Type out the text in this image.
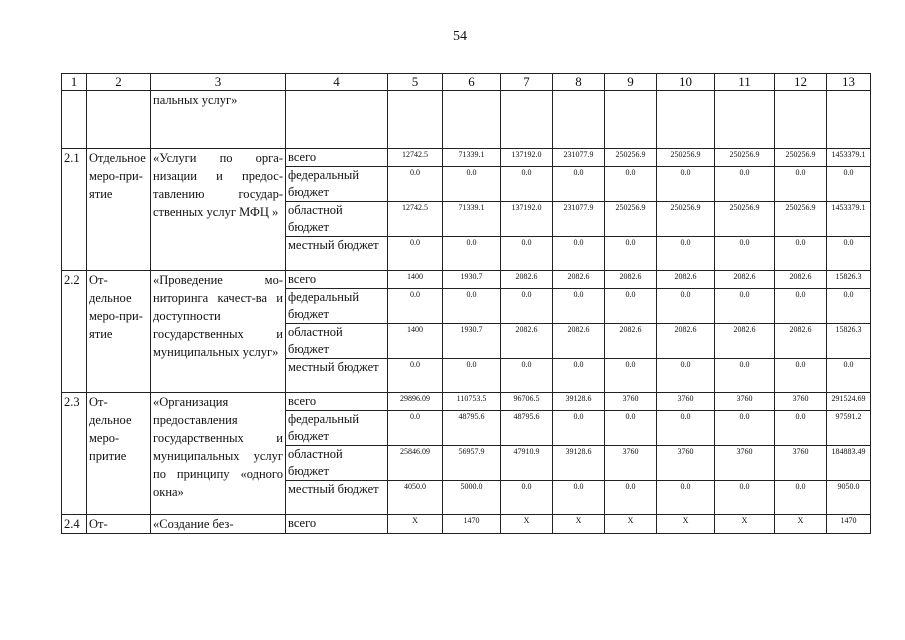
54
1	2	3	4	5	6	7	8	9	10	11	12	13
		пальных услуг»										
2.1	Отдельное меро-при-ятие	«Услуги по орга-низации и предос-тавлению государ-ственных услуг МФЦ »	всего	12742.5	71339.1	137192.0	231077.9	250256.9	250256.9	250256.9	250256.9	1453379.1
			федеральный бюджет	0.0	0.0	0.0	0.0	0.0	0.0	0.0	0.0	0.0
			областной бюджет	12742.5	71339.1	137192.0	231077.9	250256.9	250256.9	250256.9	250256.9	1453379.1
			местный бюджет	0.0	0.0	0.0	0.0	0.0	0.0	0.0	0.0	0.0
2.2	От-дельное меро-при-ятие	«Проведение мо-ниторинга качест-ва и доступности государственных и муниципальных услуг»	всего	1400	1930.7	2082.6	2082.6	2082.6	2082.6	2082.6	2082.6	15826.3
			федеральный бюджет	0.0	0.0	0.0	0.0	0.0	0.0	0.0	0.0	0.0
			областной бюджет	1400	1930.7	2082.6	2082.6	2082.6	2082.6	2082.6	2082.6	15826.3
			местный бюджет	0.0	0.0	0.0	0.0	0.0	0.0	0.0	0.0	0.0
2.3	От-дельное меро-притие	«Организация предоставления государственных и муниципальных услуг по принципу «одного окна»	всего	29896.09	110753.5	96706.5	39128.6	3760	3760	3760	3760	291524.69
			федеральный бюджет	0.0	48795.6	48795.6	0.0	0.0	0.0	0.0	0.0	97591.2
			областной бюджет	25846.09	56957.9	47910.9	39128.6	3760	3760	3760	3760	184883.49
			местный бюджет	4050.0	5000.0	0.0	0.0	0.0	0.0	0.0	0.0	9050.0
2.4	От-	«Создание без-	всего	X	1470	X	X	X	X	X	X	1470
